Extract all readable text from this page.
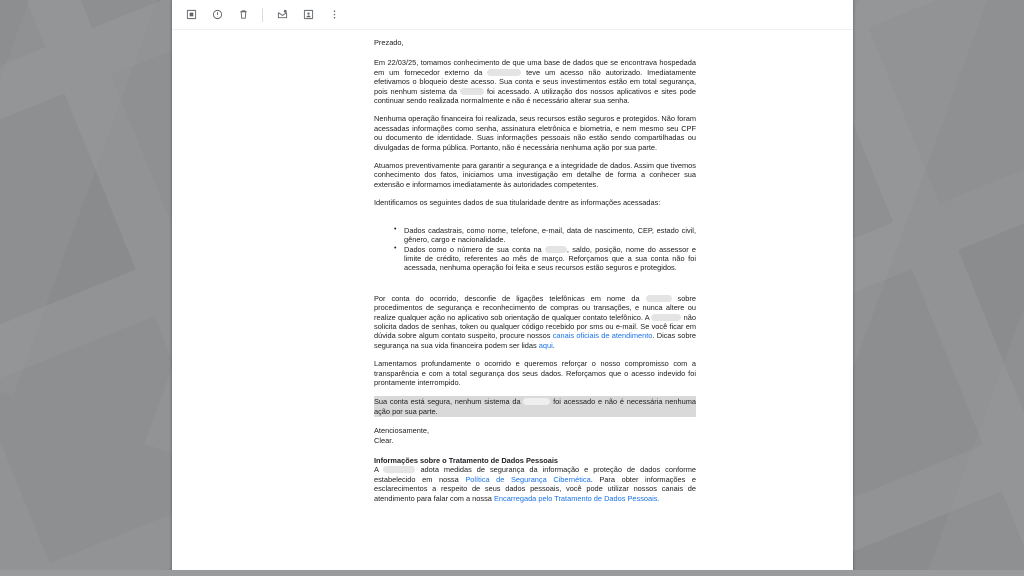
Prezado,

Em 22/03/25, tomamos conhecimento de que uma base de dados que se encontrava hospedada em um fornecedor externo da	teve um acesso não autorizado. Imediatamente efetivamos o bloqueio deste acesso. Sua conta e seus investimentos estão em total segurança, pois nenhum sistema da	foi acessado. A utilização dos nossos aplicativos e sites pode continuar sendo realizada normalmente e não é necessário alterar sua senha.

Nenhuma operação financeira foi realizada, seus recursos estão seguros e protegidos. Não foram acessadas informações como senha, assinatura eletrônica e biometria, e nem mesmo seu CPF ou documento de identidade. Suas informações pessoais não estão sendo compartilhadas ou divulgadas de forma pública. Portanto, não é necessária nenhuma ação por sua parte.

Atuamos preventivamente para garantir a segurança e a integridade de dados. Assim que tivemos conhecimento dos fatos, iniciamos uma investigação em detalhe de forma a conhecer sua extensão e informamos imediatamente às autoridades competentes.

Identificamos os seguintes dados de sua titularidade dentre as informações acessadas:

• Dados cadastrais, como nome, telefone, e-mail, data de nascimento, CEP, estado civil, gênero, cargo e nacionalidade.
• Dados como o número de sua conta na	, saldo, posição, nome do assessor e limite de crédito, referentes ao mês de março. Reforçamos que a sua conta não foi acessada, nenhuma operação foi feita e seus recursos estão seguros e protegidos.

Por conta do ocorrido, desconfie de ligações telefônicas em nome da	sobre procedimentos de segurança e reconhecimento de compras ou transações, e nunca altere ou realize qualquer ação no aplicativo sob orientação de qualquer contato telefônico. A	não solicita dados de senhas, token ou qualquer código recebido por sms ou e-mail. Se você ficar em dúvida sobre algum contato suspeito, procure nossos canais oficiais de atendimento. Dicas sobre segurança na sua vida financeira podem ser lidas aqui.

Lamentamos profundamente o ocorrido e queremos reforçar o nosso compromisso com a transparência e com a total segurança dos seus dados. Reforçamos que o acesso indevido foi prontamente interrompido.

Sua conta está segura, nenhum sistema da	foi acessado e não é necessária nenhuma ação por sua parte.

Atenciosamente,
Clear.
Informações sobre o Tratamento de Dados Pessoais

A	adota medidas de segurança da informação e proteção de dados conforme estabelecido em nossa Política de Segurança Cibernética. Para obter informações e esclarecimentos a respeito de seus dados pessoais, você pode utilizar nossos canais de atendimento para falar com a nossa Encarregada pelo Tratamento de Dados Pessoais.
